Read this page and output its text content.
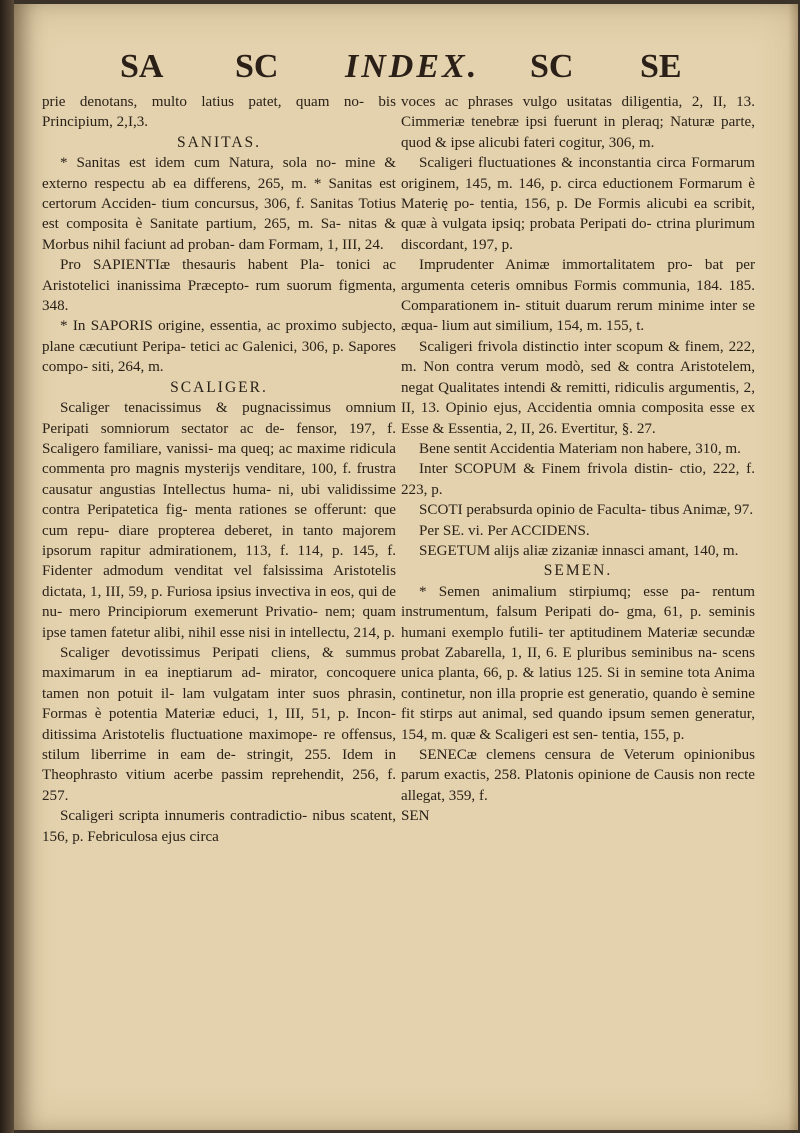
SA SC INDEX. SC SE

prie denotans, multo latius patet, quam no- bis Principium, 2,I,3.

SANITAS.

* Sanitas est idem cum Natura, sola no- mine & externo respectu ab ea differens, 265, m. * Sanitas est certorum Acciden- tium concursus, 306, f. Sanitas Totius est composita è Sanitate partium, 265, m. Sa- nitas & Morbus nihil faciunt ad proban- dam Formam, 1, III, 24.

Pro SAPIENTIæ thesauris habent Pla- tonici ac Aristotelici inanissima Præcepto- rum suorum figmenta, 348.

* In SAPORIS origine, essentia, ac proximo subjecto, plane cæcutiunt Peripa- tetici ac Galenici, 306, p. Sapores compo- siti, 264, m.

SCALIGER.

Scaliger tenacissimus & pugnacissimus omnium Peripati somniorum sectator ac de- fensor, 197, f. Scaligero familiare, vanissi- ma queq; ac maxime ridicula commenta pro magnis mysterijs venditare, 100, f. frustra causatur angustias Intellectus huma- ni, ubi validissime contra Peripatetica fig- menta rationes se offerunt: que cum repu- diare propterea deberet, in tanto majorem ipsorum rapitur admirationem, 113, f. 114, p. 145, f. Fidenter admodum venditat vel falsissima Aristotelis dictata, 1, III, 59, p. Furiosa ipsius invectiva in eos, qui de nu- mero Principiorum exemerunt Privatio- nem; quam ipse tamen fatetur alibi, nihil esse nisi in intellectu, 214, p.

Scaliger devotissimus Peripati cliens, & summus maximarum in ea ineptiarum ad- mirator, concoquere tamen non potuit il- lam vulgatam inter suos phrasin, Formas è potentia Materiæ educi, 1, III, 51, p. Incon- ditissima Aristotelis fluctuatione maximope- re offensus, stilum liberrime in eam de- stringit, 255. Idem in Theophrasto vitium acerbe passim reprehendit, 256, f. 257.

Scaligeri scripta innumeris contradictio- nibus scatent, 156, p. Febriculosa ejus circa

voces ac phrases vulgo usitatas diligentia, 2, II, 13. Cimmeriæ tenebræ ipsi fuerunt in pleraq; Naturæ parte, quod & ipse alicubi fateri cogitur, 306, m.

Scaligeri fluctuationes & inconstantia circa Formarum originem, 145, m. 146, p. circa eductionem Formarum è Materię po- tentia, 156, p. De Formis alicubi ea scribit, quæ à vulgata ipsiq; probata Peripati do- ctrina plurimum discordant, 197, p.

Imprudenter Animæ immortalitatem pro- bat per argumenta ceteris omnibus Formis communia, 184. 185. Comparationem in- stituit duarum rerum minime inter se æqua- lium aut similium, 154, m. 155, t.

Scaligeri frivola distinctio inter scopum & finem, 222, m. Non contra verum modò, sed & contra Aristotelem, negat Qualitates intendi & remitti, ridiculis argumentis, 2, II, 13. Opinio ejus, Accidentia omnia composita esse ex Esse & Essentia, 2, II, 26. Evertitur, §. 27.

Bene sentit Accidentia Materiam non habere, 310, m.

Inter SCOPUM & Finem frivola distin- ctio, 222, f. 223, p.

SCOTI perabsurda opinio de Faculta- tibus Animæ, 97.

Per SE. vi. Per ACCIDENS.

SEGETUM alijs aliæ zizaniæ innasci amant, 140, m.

SEMEN.

* Semen animalium stirpiumq; esse pa- rentum instrumentum, falsum Peripati do- gma, 61, p. seminis humani exemplo futili- ter aptitudinem Materiæ secundæ probat Zabarella, 1, II, 6. E pluribus seminibus na- scens unica planta, 66, p. & latius 125. Si in semine tota Anima continetur, non illa proprie est generatio, quando è semine fit stirps aut animal, sed quando ipsum semen generatur, 154, m. quæ & Scaligeri est sen- tentia, 155, p.

SENECæ clemens censura de Veterum opinionibus parum exactis, 258. Platonis opinione de Causis non recte allegat, 359, f.

SEN
